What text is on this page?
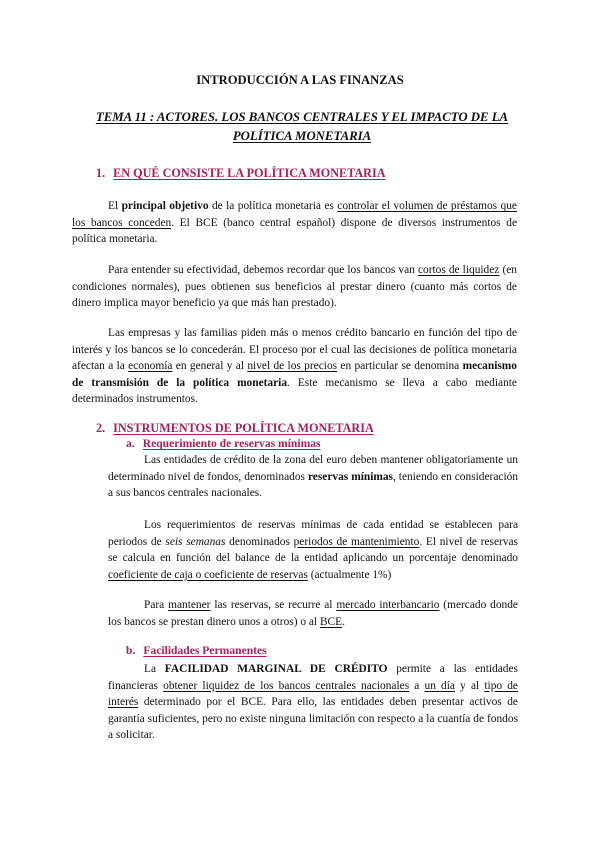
INTRODUCCIÓN A LAS FINANZAS

TEMA 11 : ACTORES. LOS BANCOS CENTRALES Y EL IMPACTO DE LA POLÍTICA MONETARIA

1. EN QUÉ CONSISTE LA POLÍTICA MONETARIA

El principal objetivo de la política monetaria es controlar el volumen de préstamos que los bancos conceden. El BCE (banco central español) dispone de diversos instrumentos de política monetaria.

Para entender su efectividad, debemos recordar que los bancos van cortos de liquidez (en condiciones normales), pues obtienen sus beneficios al prestar dinero (cuanto más cortos de dinero implica mayor beneficio ya que más han prestado).

Las empresas y las familias piden más o menos crédito bancario en función del tipo de interés y los bancos se lo concederán. El proceso por el cual las decisiones de política monetaria afectan a la economía en general y al nivel de los precios en particular se denomina mecanismo de transmisión de la política monetaria. Este mecanismo se lleva a cabo mediante determinados instrumentos.

2. INSTRUMENTOS DE POLÍTICA MONETARIA
a. Requerimiento de reservas mínimas

Las entidades de crédito de la zona del euro deben mantener obligatoriamente un determinado nivel de fondos, denominados reservas mínimas, teniendo en consideración a sus bancos centrales nacionales.

Los requerimientos de reservas mínimas de cada entidad se establecen para periodos de seis semanas denominados periodos de mantenimiento. El nivel de reservas se calcula en función del balance de la entidad aplicando un porcentaje denominado coeficiente de caja o coeficiente de reservas (actualmente 1%)

Para mantener las reservas, se recurre al mercado interbancario (mercado donde los bancos se prestan dinero unos a otros) o al BCE.

b. Facilidades Permanentes

La FACILIDAD MARGINAL DE CRÉDITO permite a las entidades financieras obtener liquidez de los bancos centrales nacionales a un día y al tipo de interés determinado por el BCE. Para ello, las entidades deben presentar activos de garantía suficientes, pero no existe ninguna limitación con respecto a la cuantía de fondos a solicitar.
